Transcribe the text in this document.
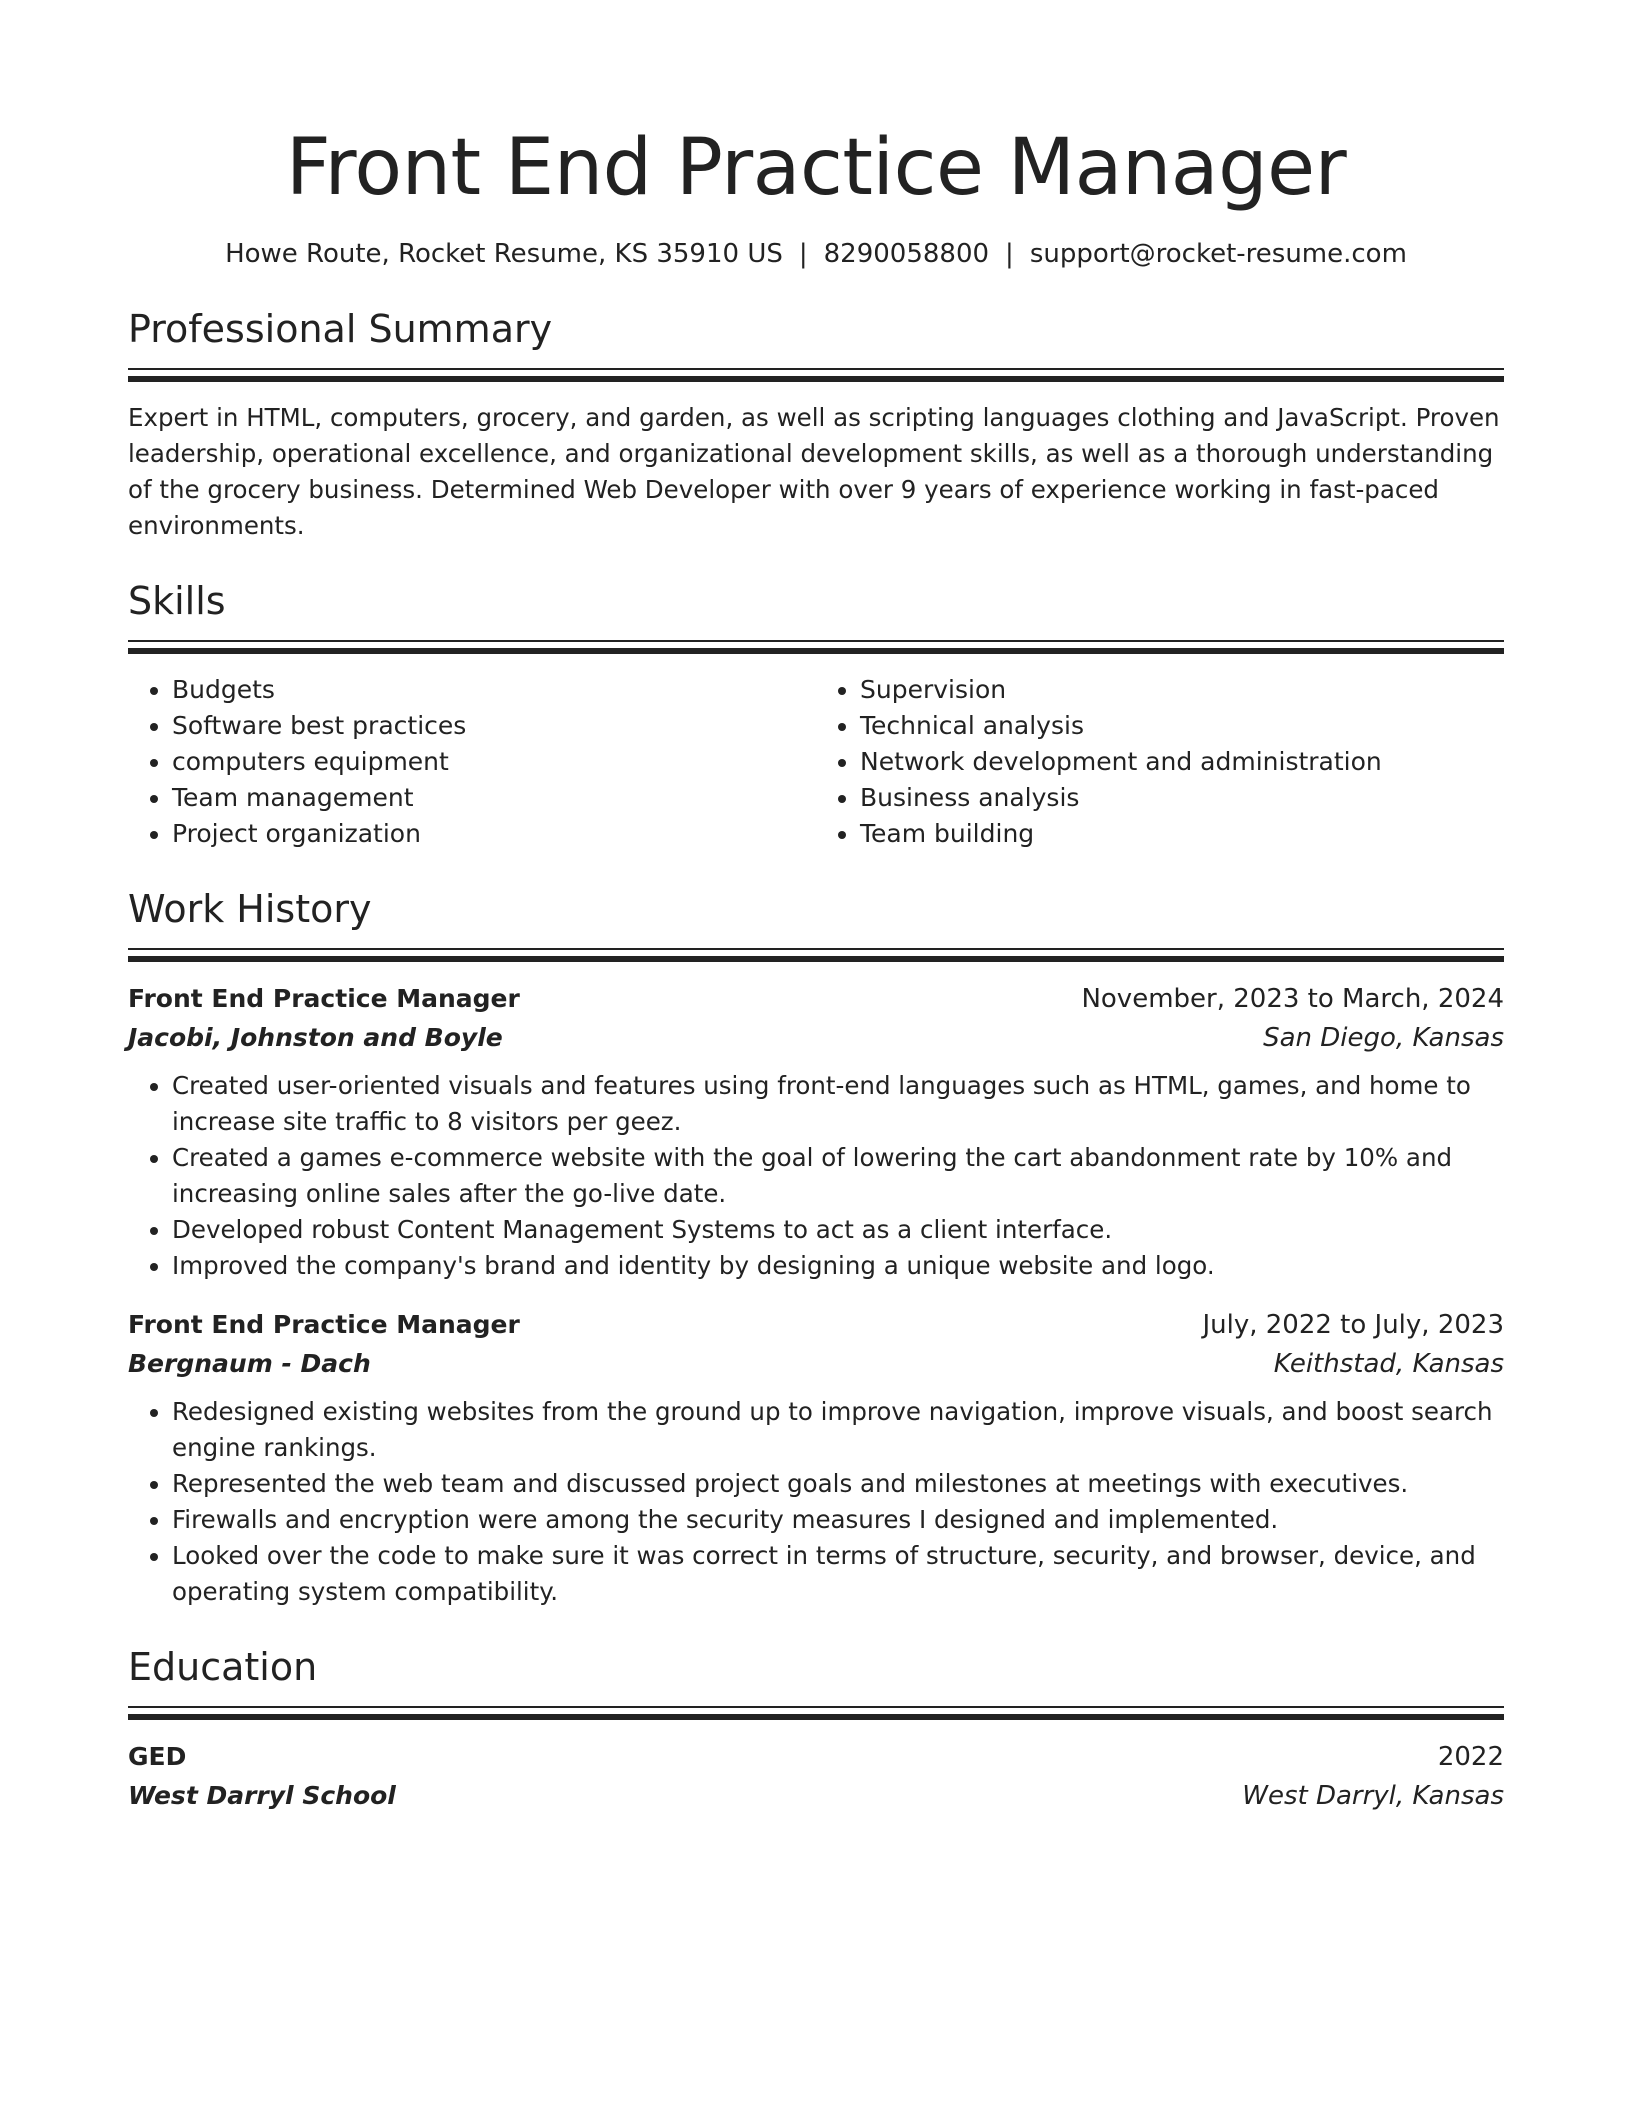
Front End Practice Manager
Howe Route, Rocket Resume, KS 35910 US | 8290058800 | support@rocket-resume.com
Professional Summary

Expert in HTML, computers, grocery, and garden, as well as scripting languages clothing and JavaScript. Proven leadership, operational excellence, and organizational development skills, as well as a thorough understanding of the grocery business. Determined Web Developer with over 9 years of experience working in fast-paced environments.

Skills
• Budgets
• Software best practices
• computers equipment
• Team management
• Project organization
• Supervision
• Technical analysis
• Network development and administration
• Business analysis
• Team building
Work History
Front End Practice Manager	November, 2023 to March, 2024
Jacobi, Johnston and Boyle	San Diego, Kansas
• Created user-oriented visuals and features using front-end languages such as HTML, games, and home to increase site traffic to 8 visitors per geez.
• Created a games e-commerce website with the goal of lowering the cart abandonment rate by 10% and increasing online sales after the go-live date.
• Developed robust Content Management Systems to act as a client interface.
• Improved the company's brand and identity by designing a unique website and logo.
Front End Practice Manager	July, 2022 to July, 2023
Bergnaum - Dach	Keithstad, Kansas
• Redesigned existing websites from the ground up to improve navigation, improve visuals, and boost search engine rankings.
• Represented the web team and discussed project goals and milestones at meetings with executives.
• Firewalls and encryption were among the security measures I designed and implemented.
• Looked over the code to make sure it was correct in terms of structure, security, and browser, device, and operating system compatibility.
Education
GED	2022
West Darryl School	West Darryl, Kansas
